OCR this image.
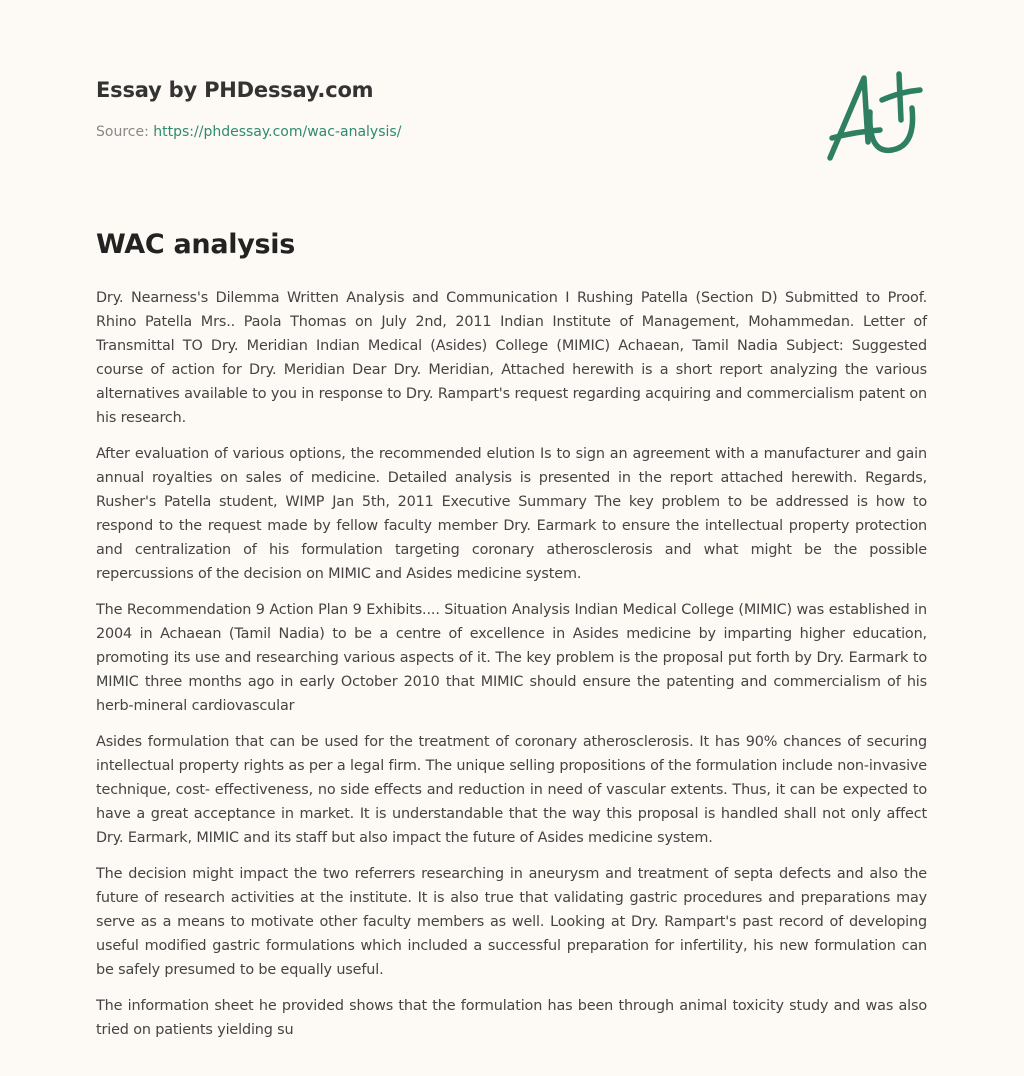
Essay by PHDessay.com
Source: https://phdessay.com/wac-analysis/
WAC analysis

Dry. Nearness's Dilemma Written Analysis and Communication I Rushing Patella (Section D) Submitted to Proof. Rhino Patella Mrs.. Paola Thomas on July 2nd, 2011 Indian Institute of Management, Mohammedan. Letter of Transmittal TO Dry. Meridian Indian Medical (Asides) College (MIMIC) Achaean, Tamil Nadia Subject: Suggested course of action for Dry. Meridian Dear Dry. Meridian, Attached herewith is a short report analyzing the various alternatives available to you in response to Dry. Rampart's request regarding acquiring and commercialism patent on his research.

After evaluation of various options, the recommended elution Is to sign an agreement with a manufacturer and gain annual royalties on sales of medicine. Detailed analysis is presented in the report attached herewith. Regards, Rusher's Patella student, WIMP Jan 5th, 2011 Executive Summary The key problem to be addressed is how to respond to the request made by fellow faculty member Dry. Earmark to ensure the intellectual property protection and centralization of his formulation targeting coronary atherosclerosis and what might be the possible repercussions of the decision on MIMIC and Asides medicine system.

The Recommendation 9 Action Plan 9 Exhibits.... Situation Analysis Indian Medical College (MIMIC) was established in 2004 in Achaean (Tamil Nadia) to be a centre of excellence in Asides medicine by imparting higher education, promoting its use and researching various aspects of it. The key problem is the proposal put forth by Dry. Earmark to MIMIC three months ago in early October 2010 that MIMIC should ensure the patenting and commercialism of his herb-mineral cardiovascular

Asides formulation that can be used for the treatment of coronary atherosclerosis. It has 90% chances of securing intellectual property rights as per a legal firm. The unique selling propositions of the formulation include non-invasive technique, cost- effectiveness, no side effects and reduction in need of vascular extents. Thus, it can be expected to have a great acceptance in market. It is understandable that the way this proposal is handled shall not only affect Dry. Earmark, MIMIC and its staff but also impact the future of Asides medicine system.

The decision might impact the two referrers researching in aneurysm and treatment of septa defects and also the future of research activities at the institute. It is also true that validating gastric procedures and preparations may serve as a means to motivate other faculty members as well. Looking at Dry. Rampart's past record of developing useful modified gastric formulations which included a successful preparation for infertility, his new formulation can be safely presumed to be equally useful.

The information sheet he provided shows that the formulation has been through animal toxicity study and was also tried on patients yielding su
